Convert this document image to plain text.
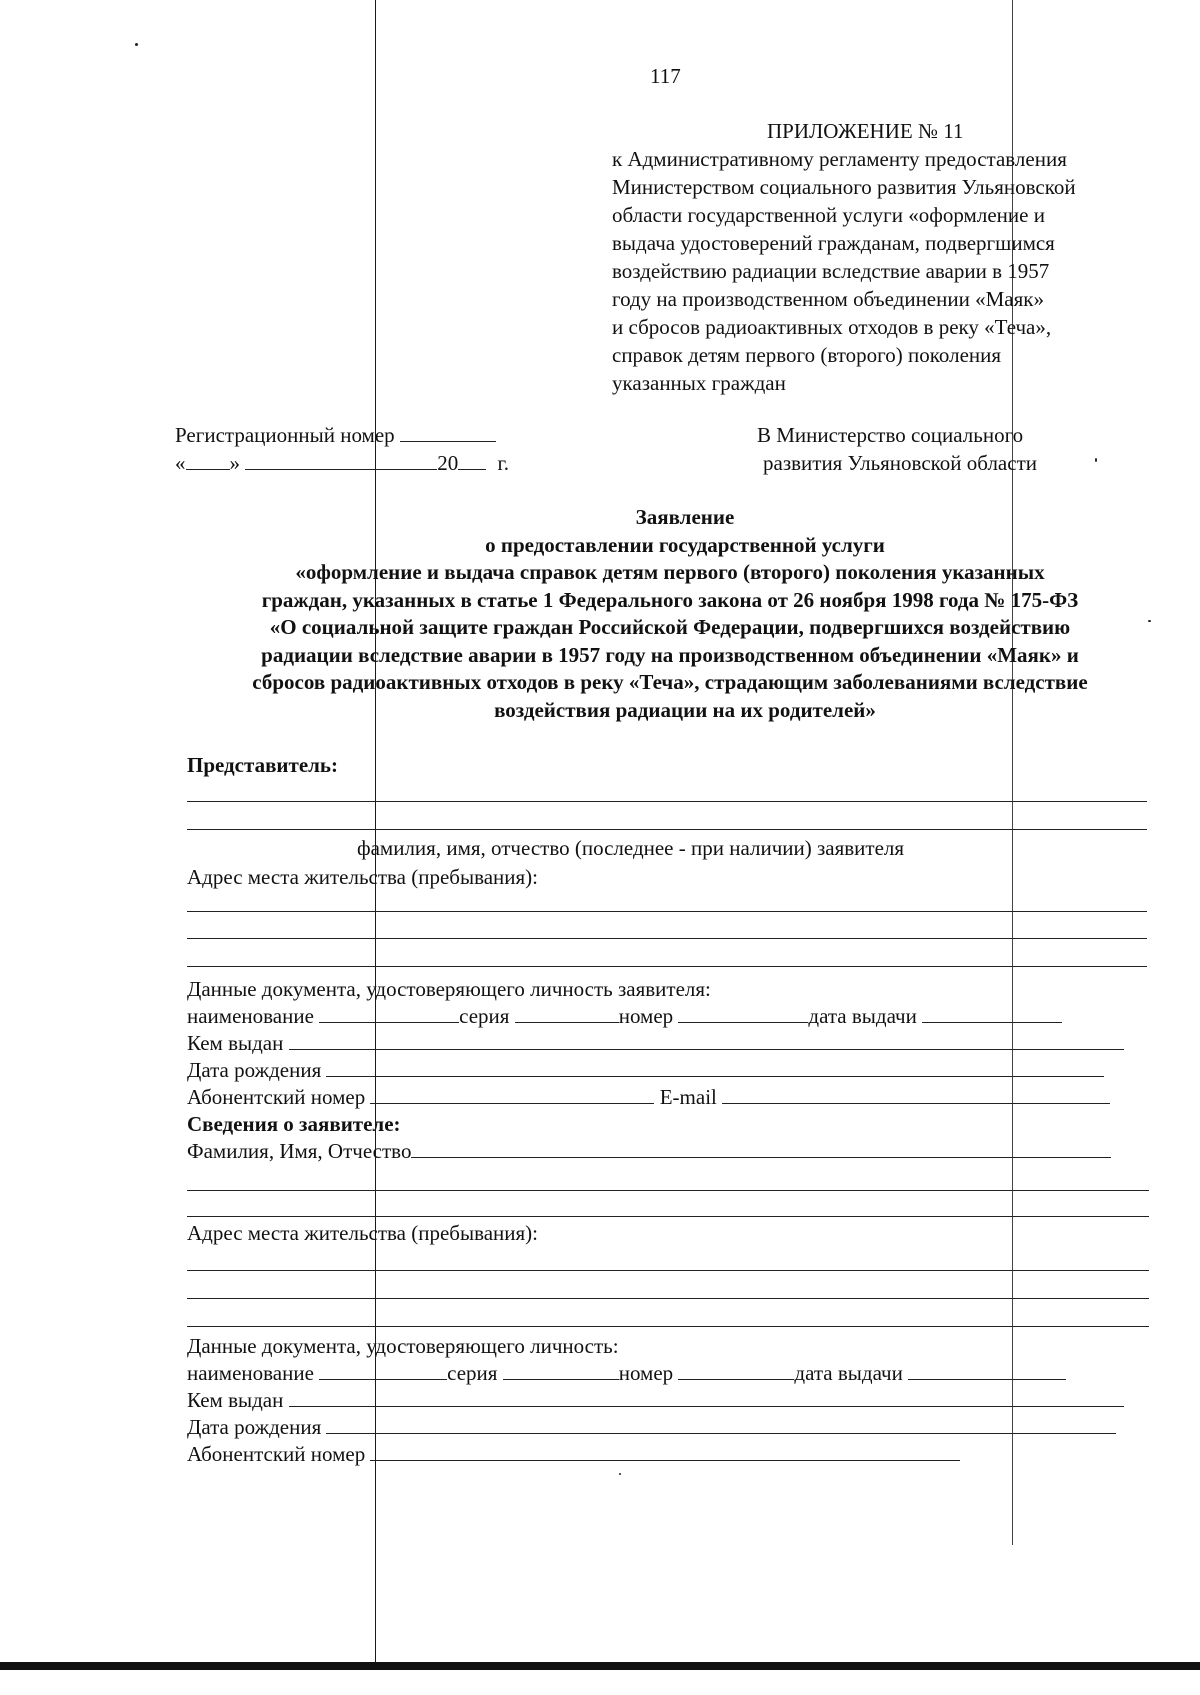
117
ПРИЛОЖЕНИЕ № 11
к Административному регламенту предоставления
Министерством социального развития Ульяновской
области государственной услуги «оформление и
выдача удостоверений гражданам, подвергшимся
воздействию радиации вследствие аварии в 1957
году на производственном объединении «Маяк»
и сбросов радиоактивных отходов в реку «Теча»,
справок детям первого (второго) поколения
указанных граждан
Регистрационный номер
« »	20 г.
В Министерство социального
развития Ульяновской области
Заявление
о предоставлении государственной услуги
«оформление и выдача справок детям первого (второго) поколения указанных
граждан, указанных в статье 1 Федерального закона от 26 ноября 1998 года № 175-ФЗ
«О социальной защите граждан Российской Федерации, подвергшихся воздействию
радиации вследствие аварии в 1957 году на производственном объединении «Маяк» и
сбросов радиоактивных отходов в реку «Теча», страдающим заболеваниями вследствие
воздействия радиации на их родителей»
Представитель:
фамилия, имя, отчество (последнее - при наличии) заявителя
Адрес места жительства (пребывания):
Данные документа, удостоверяющего личность заявителя:
наименование	серия	номер	дата выдачи
Кем выдан
Дата рождения
Абонентский номер	E-mail
Сведения о заявителе:
Фамилия, Имя, Отчество
Адрес места жительства (пребывания):
Данные документа, удостоверяющего личность:
наименование	серия	номер	дата выдачи
Кем выдан
Дата рождения
Абонентский номер
